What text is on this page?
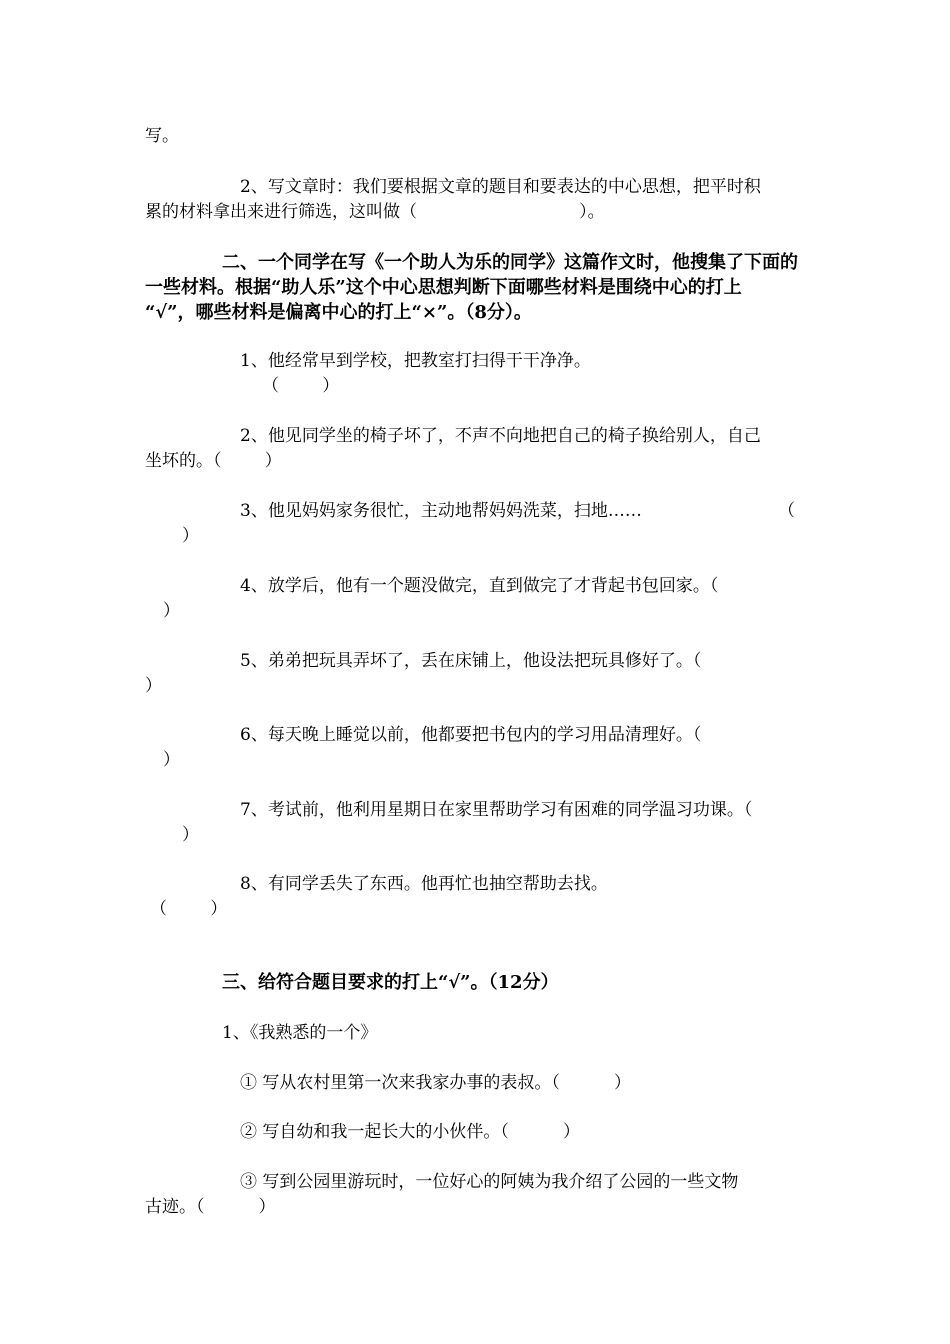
写。
2、写文章时：我们要根据文章的题目和要表达的中心思想，把平时积
累的材料拿出来进行筛选，这叫做（                              ）。
二、一个同学在写《一个助人为乐的同学》这篇作文时，他搜集了下面的
一些材料。根据“助人乐”这个中心思想判断下面哪些材料是围绕中心的打上
“√”，哪些材料是偏离中心的打上“×”。（8分）。
1、他经常早到学校，把教室打扫得干干净净。
（        ）
2、他见同学坐的椅子坏了，不声不向地把自己的椅子换给别人，自己
坐坏的。（        ）
3、他见妈妈家务很忙，主动地帮妈妈洗菜，扫地……	（
）
4、放学后，他有一个题没做完，直到做完了才背起书包回家。（
）
5、弟弟把玩具弄坏了，丢在床铺上，他设法把玩具修好了。（
）
6、每天晚上睡觉以前，他都要把书包内的学习用品清理好。（
）
7、考试前，他利用星期日在家里帮助学习有困难的同学温习功课。（
）
8、有同学丢失了东西。他再忙也抽空帮助去找。
（        ）
三、给符合题目要求的打上“√”。（12分）
1、《我熟悉的一个》
① 写从农村里第一次来我家办事的表叔。（          ）
② 写自幼和我一起长大的小伙伴。（          ）
③ 写到公园里游玩时，一位好心的阿姨为我介绍了公园的一些文物
古迹。（          ）
